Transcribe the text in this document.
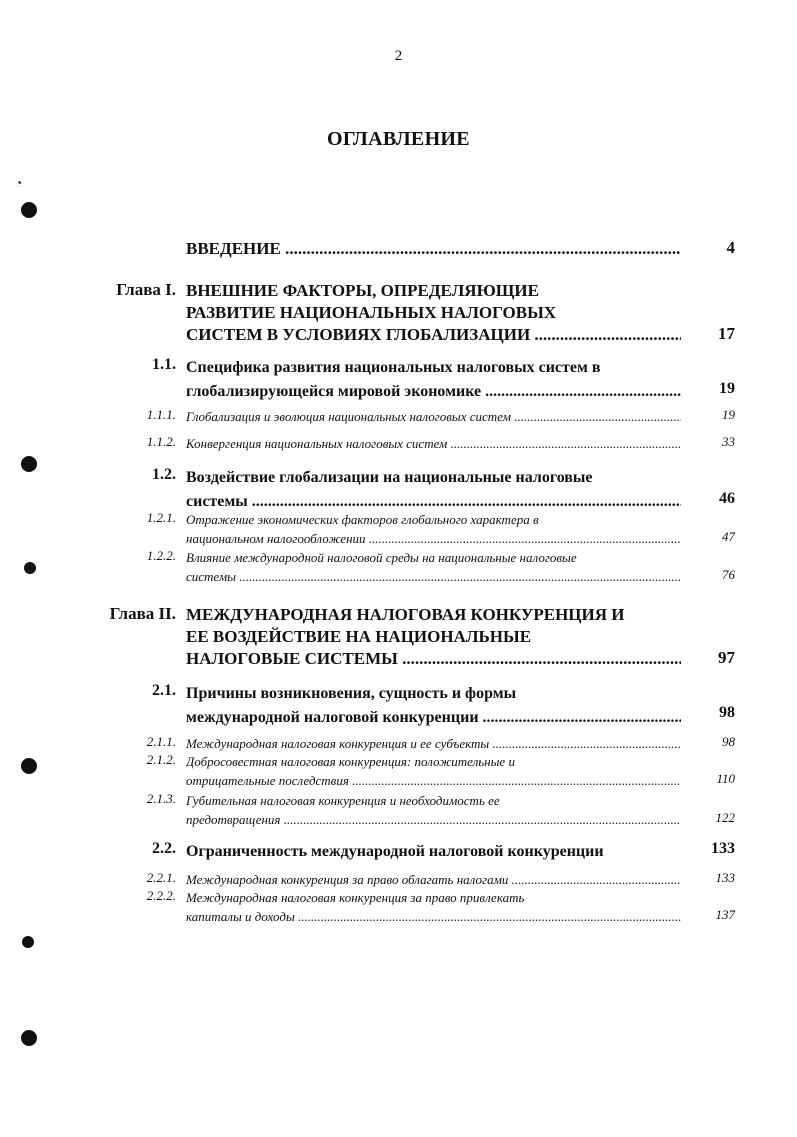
◔
2
ОГЛАВЛЕНИЕ
ВВЕДЕНИЕ .....	4
Глава I. ВНЕШНИЕ ФАКТОРЫ, ОПРЕДЕЛЯЮЩИЕ
РАЗВИТИЕ НАЦИОНАЛЬНЫХ НАЛОГОВЫХ
СИСТЕМ В УСЛОВИЯХ ГЛОБАЛИЗАЦИИ .....	17
1.1. Специфика развития национальных налоговых систем в
глобализирующейся мировой экономике .....	19
1.1.1. Глобализация и эволюция национальных налоговых систем .....	19
1.1.2. Конвергенция национальных налоговых систем .....	33
1.2. Воздействие глобализации на национальные налоговые
системы .....	46
1.2.1. Отражение экономических факторов глобального характера в
национальном налогообложении .....	47
1.2.2. Влияние международной налоговой среды на национальные налоговые
системы .....	76
Глава II. МЕЖДУНАРОДНАЯ НАЛОГОВАЯ КОНКУРЕНЦИЯ И
ЕЕ ВОЗДЕЙСТВИЕ НА НАЦИОНАЛЬНЫЕ
НАЛОГОВЫЕ СИСТЕМЫ .....	97
2.1. Причины возникновения, сущность и формы
международной налоговой конкуренции .....	98
2.1.1. Международная налоговая конкуренция и ее субъекты .....	98
2.1.2. Добросовестная налоговая конкуренция: положительные и
отрицательные последствия .....	110
2.1.3. Губительная налоговая конкуренция и необходимость ее
предотвращения .....	122
2.2. Ограниченность международной налоговой конкуренции	133
2.2.1. Международная конкуренция за право облагать налогами .....	133
2.2.2. Международная налоговая конкуренция за право привлекать
капиталы и доходы .....	137
